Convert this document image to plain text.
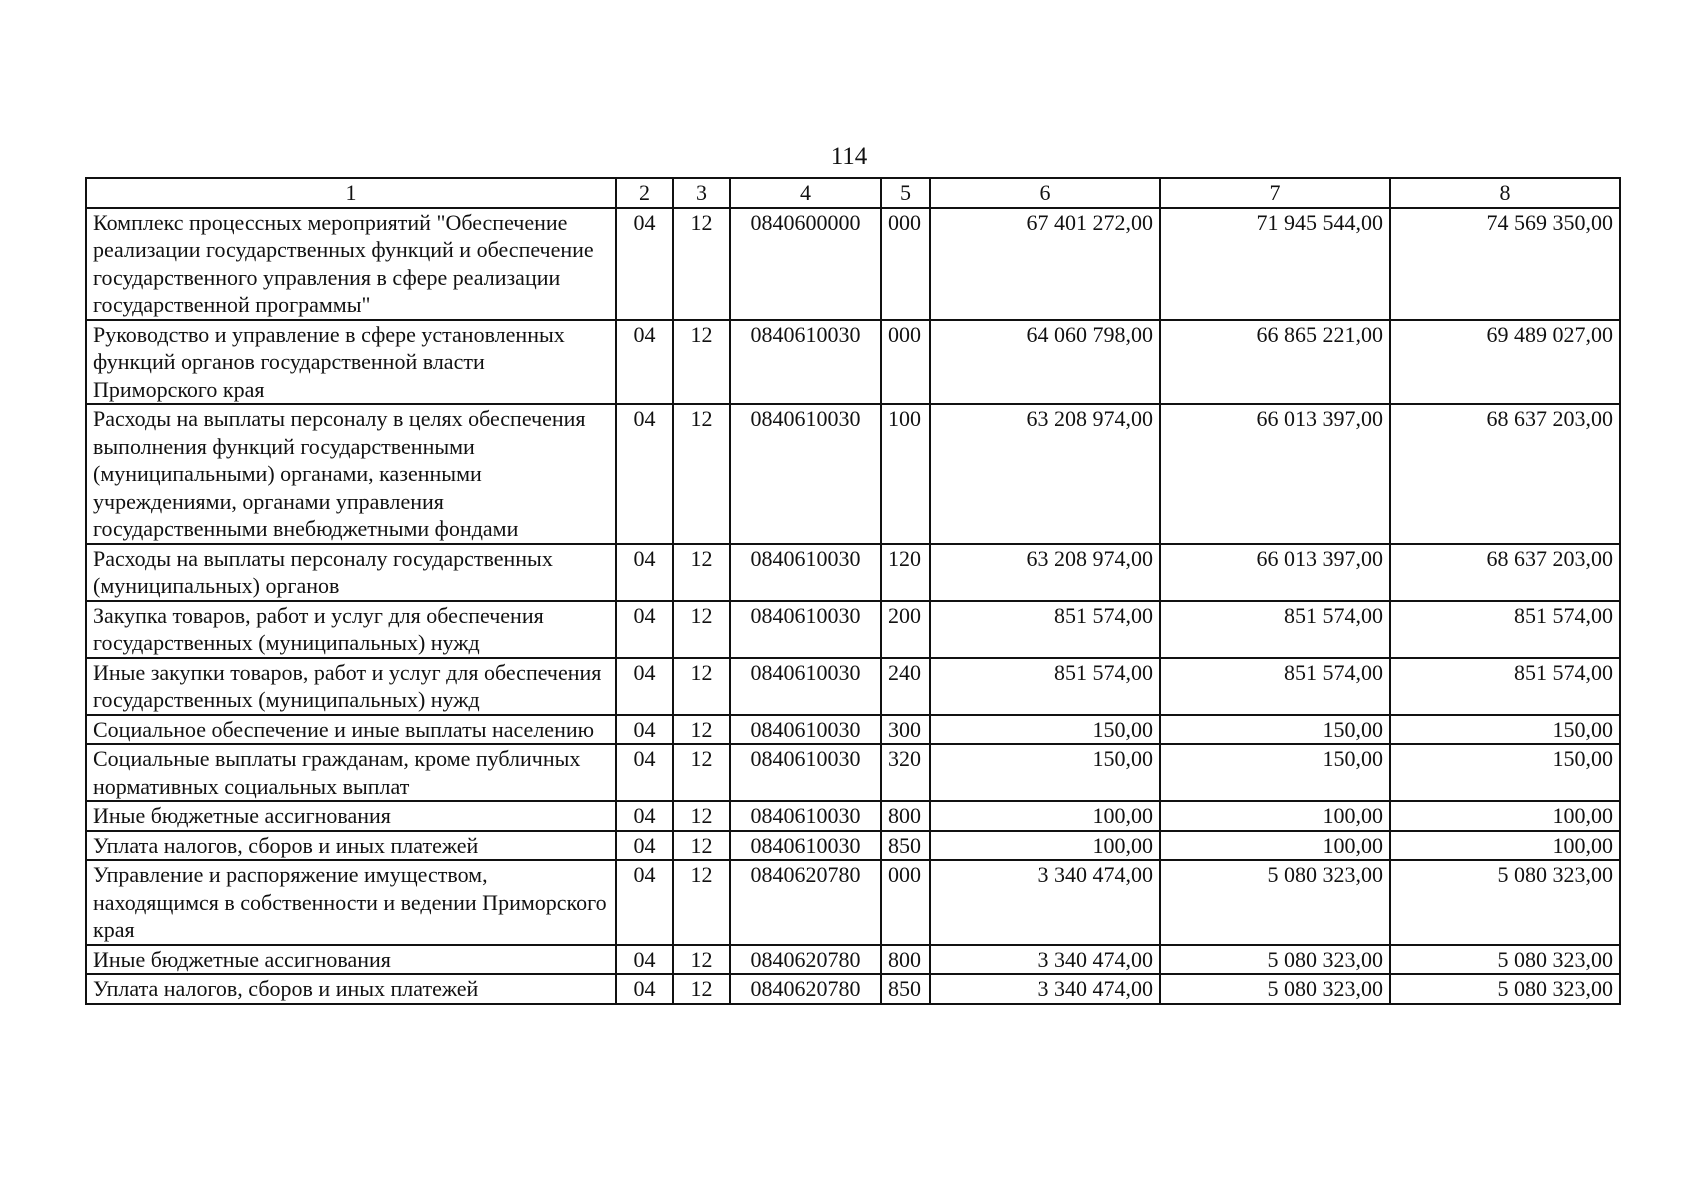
114
1	2	3	4	5	6	7	8
Комплекс процессных мероприятий "Обеспечение реализации государственных функций и обеспечение государственного управления в сфере реализации государственной программы"	04	12	0840600000	000	67 401 272,00	71 945 544,00	74 569 350,00
Руководство и управление в сфере установленных функций органов государственной власти Приморского края	04	12	0840610030	000	64 060 798,00	66 865 221,00	69 489 027,00
Расходы на выплаты персоналу в целях обеспечения выполнения функций государственными (муниципальными) органами, казенными учреждениями, органами управления государственными внебюджетными фондами	04	12	0840610030	100	63 208 974,00	66 013 397,00	68 637 203,00
Расходы на выплаты персоналу государственных (муниципальных) органов	04	12	0840610030	120	63 208 974,00	66 013 397,00	68 637 203,00
Закупка товаров, работ и услуг для обеспечения государственных (муниципальных) нужд	04	12	0840610030	200	851 574,00	851 574,00	851 574,00
Иные закупки товаров, работ и услуг для обеспечения государственных (муниципальных) нужд	04	12	0840610030	240	851 574,00	851 574,00	851 574,00
Социальное обеспечение и иные выплаты населению	04	12	0840610030	300	150,00	150,00	150,00
Социальные выплаты гражданам, кроме публичных нормативных социальных выплат	04	12	0840610030	320	150,00	150,00	150,00
Иные бюджетные ассигнования	04	12	0840610030	800	100,00	100,00	100,00
Уплата налогов, сборов и иных платежей	04	12	0840610030	850	100,00	100,00	100,00
Управление и распоряжение имуществом, находящимся в собственности и ведении Приморского края	04	12	0840620780	000	3 340 474,00	5 080 323,00	5 080 323,00
Иные бюджетные ассигнования	04	12	0840620780	800	3 340 474,00	5 080 323,00	5 080 323,00
Уплата налогов, сборов и иных платежей	04	12	0840620780	850	3 340 474,00	5 080 323,00	5 080 323,00
